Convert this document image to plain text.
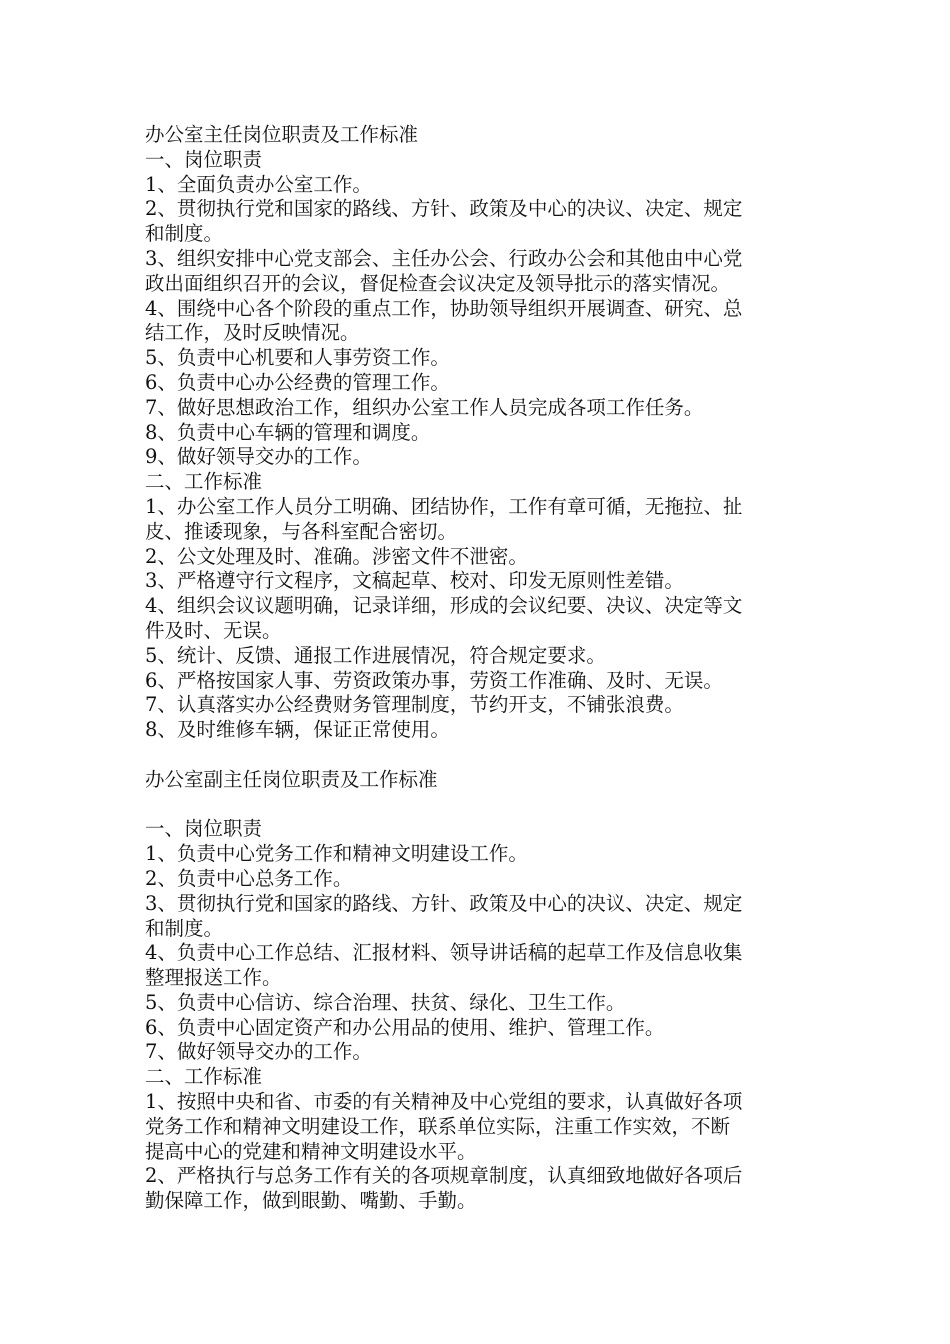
办公室主任岗位职责及工作标准
一、岗位职责
1、全面负责办公室工作。
2、贯彻执行党和国家的路线、方针、政策及中心的决议、决定、规定
和制度。
3、组织安排中心党支部会、主任办公会、行政办公会和其他由中心党
政出面组织召开的会议，督促检查会议决定及领导批示的落实情况。
4、围绕中心各个阶段的重点工作，协助领导组织开展调查、研究、总
结工作，及时反映情况。
5、负责中心机要和人事劳资工作。
6、负责中心办公经费的管理工作。
7、做好思想政治工作，组织办公室工作人员完成各项工作任务。
8、负责中心车辆的管理和调度。
9、做好领导交办的工作。
二、工作标准
1、办公室工作人员分工明确、团结协作，工作有章可循，无拖拉、扯
皮、推诿现象，与各科室配合密切。
2、公文处理及时、准确。涉密文件不泄密。
3、严格遵守行文程序，文稿起草、校对、印发无原则性差错。
4、组织会议议题明确，记录详细，形成的会议纪要、决议、决定等文
件及时、无误。
5、统计、反馈、通报工作进展情况，符合规定要求。
6、严格按国家人事、劳资政策办事，劳资工作准确、及时、无误。
7、认真落实办公经费财务管理制度，节约开支，不铺张浪费。
8、及时维修车辆，保证正常使用。
办公室副主任岗位职责及工作标准
一、岗位职责
1、负责中心党务工作和精神文明建设工作。
2、负责中心总务工作。
3、贯彻执行党和国家的路线、方针、政策及中心的决议、决定、规定
和制度。
4、负责中心工作总结、汇报材料、领导讲话稿的起草工作及信息收集
整理报送工作。
5、负责中心信访、综合治理、扶贫、绿化、卫生工作。
6、负责中心固定资产和办公用品的使用、维护、管理工作。
7、做好领导交办的工作。
二、工作标准
1、按照中央和省、市委的有关精神及中心党组的要求，认真做好各项
党务工作和精神文明建设工作，联系单位实际，注重工作实效，不断
提高中心的党建和精神文明建设水平。
2、严格执行与总务工作有关的各项规章制度，认真细致地做好各项后
勤保障工作，做到眼勤、嘴勤、手勤。
